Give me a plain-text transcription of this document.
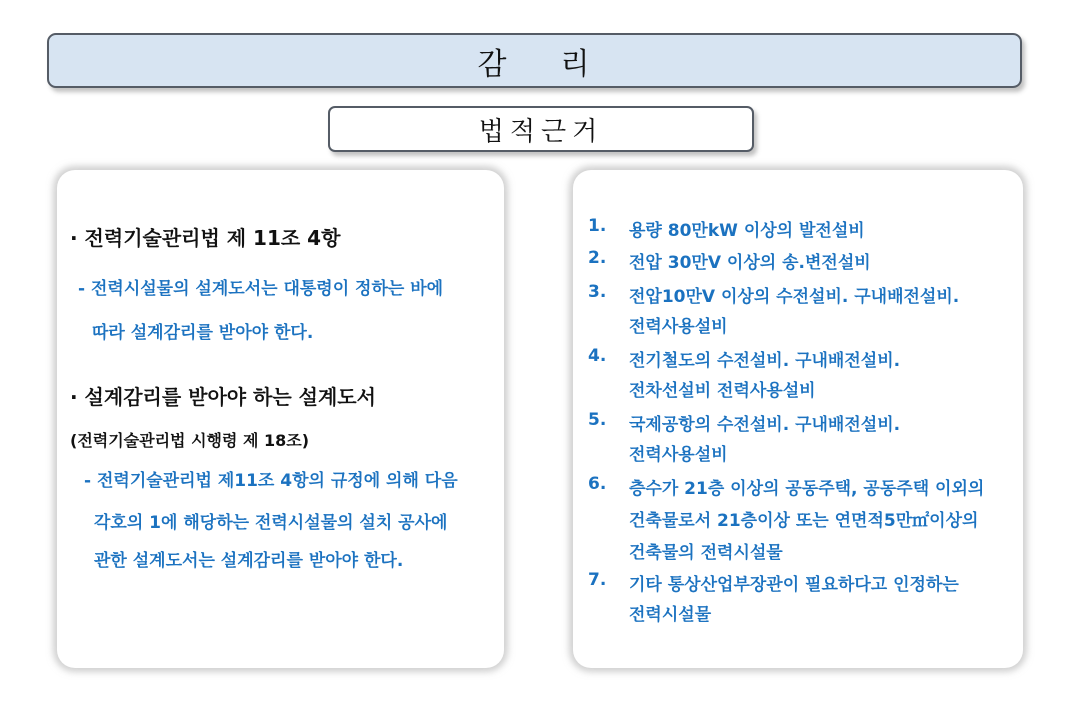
감 리
법적근거
· 전력기술관리법 제 11조 4항
- 전력시설물의 설계도서는 대통령이 정하는 바에
따라 설계감리를 받아야 한다.
· 설계감리를 받아야 하는 설계도서
(전력기술관리법 시행령 제 18조)
- 전력기술관리법 제11조 4항의 규정에 의해 다음
각호의 1에 해당하는 전력시설물의 설치 공사에
관한 설계도서는 설계감리를 받아야 한다.
1. 용량 80만kW 이상의 발전설비
2. 전압 30만V 이상의 송.변전설비
3. 전압10만V 이상의 수전설비. 구내배전설비.
전력사용설비
4. 전기철도의 수전설비. 구내배전설비.
전차선설비 전력사용설비
5. 국제공항의 수전설비. 구내배전설비.
전력사용설비
6. 층수가 21층 이상의 공동주택, 공동주택 이외의
건축물로서 21층이상 또는 연면적5만㎡이상의
건축물의 전력시설물
7. 기타 통상산업부장관이 필요하다고 인정하는
전력시설물
